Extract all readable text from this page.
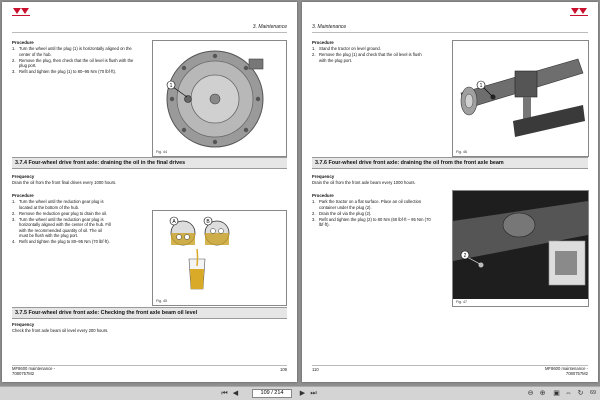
3. Maintenance
Procedure
1. Turn the wheel until the plug (1) is horizontally aligned on the center of the hub.
2. Remove the plug, then check that the oil level is flush with the plug port.
3. Refit and tighten the plug (1) to 80–95 Nm (70 lbf·ft).
1
Fig. 44
3.7.4 Four-wheel drive front axle: draining the oil in the final drives
Frequency
Drain the oil from the front final drives every 1000 hours.
Procedure
1. Turn the wheel until the reduction gear plug is located at the bottom of the hub.
2. Remove the reduction gear plug to drain the oil.
3. Turn the wheel until the reduction gear plug is horizontally aligned with the center of the hub. Fill with the recommended quantity of oil. The oil must be flush with the plug port.
4. Refit and tighten the plug to 80–95 Nm (70 lbf·ft).
A	B
Fig. 45
3.7.5 Four-wheel drive front axle: Checking the front axle beam oil level
Frequency
Check the front axle beam oil level every 200 hours.
MF8600 maintenance -
7080757M2
109
3. Maintenance
Procedure
1. Stand the tractor on level ground.
2. Remove the plug (1) and check that the oil level is flush with the plug port.
1
Fig. 46
3.7.6 Four-wheel drive front axle: draining the oil from the front axle beam
Frequency
Drain the oil from the front axle beam every 1000 hours.
Procedure
1. Park the tractor on a flat surface. Place an oil collection container under the plug (2).
2. Drain the oil via the plug (2).
3. Refit and tighten the plug (2) to 80 Nm (60 lbf·ft – 95 Nm (70 lbf·ft).
2
Fig. 47
110	MF8600 maintenance -
7080757M2
⏮ ◀
109 / 214	▶ ⏭	⊖ ⊕ ▣ ⇔ ↻ 69
